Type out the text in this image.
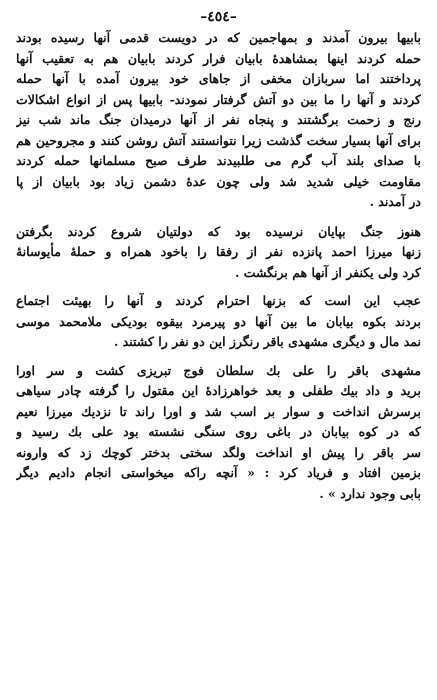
–٤٥٤–
بابیها بیرون آمدند و بمهاجمین که در دویست قدمی آنها رسیده بودند
حمله کردند اینها بمشاهدهٔ بابیان فرار کردند بابیان هم به تعقیب آنها
پرداختند اما سربازان مخفی از جاهای خود بیرون آمده با آنها حمله
کردند و آنها را ما بین دو آتش گرفتار نمودند- بابیها پس از انواع اشکالات
رنج و زحمت برگشتند و پنجاه نفر از آنها درمیدان جنگ ماند شب نیز
برای آنها بسیار سخت گذشت زیرا نتوانستند آتش روشن کنند و مجروحین هم
با صدای بلند آب گرم می طلبیدند طرف صبح مسلمانها حمله کردند
مقاومت خیلی شدید شد ولی چون عدهٔ دشمن زیاد بود بابیان از پا
در آمدند .
هنوز جنگ بپایان نرسیده بود که دولتیان شروع کردند بگرفتن
زنها میرزا احمد پانزده نفر از رفقا را باخود همراه و حملهٔ مأیوسانهٔ
کرد ولی یکنفر از آنها هم برنگشت .
عجب این است که بزنها احترام کردند و آنها را بهیئت اجتماع
بردند بکوه بیابان ما بین آنها دو پیرمرد بیقوه بودیکی ملامحمد موسی
نمد مال و دیگری مشهدی باقر رنگرز این دو نفر را کشتند .
مشهدی باقر را علی بك سلطان فوج تبریزی کشت و سر اورا
برید و داد بیك طفلی و بعد خواهرزادهٔ این مقتول را گرفته چادر سیاهی
برسرش انداخت و سوار بر اسب شد و اورا راند تا نزدیك میرزا نعیم
که در کوه بیابان در باغی روی سنگی نشسته بود علی بك رسید و
سر باقر را پیش او انداخت ولگد سختی بدختر کوچك زد که وارونه
بزمین افتاد و فریاد کرد : « آنچه راکه میخواستی انجام دادیم دیگر
بابی وجود ندارد » .
